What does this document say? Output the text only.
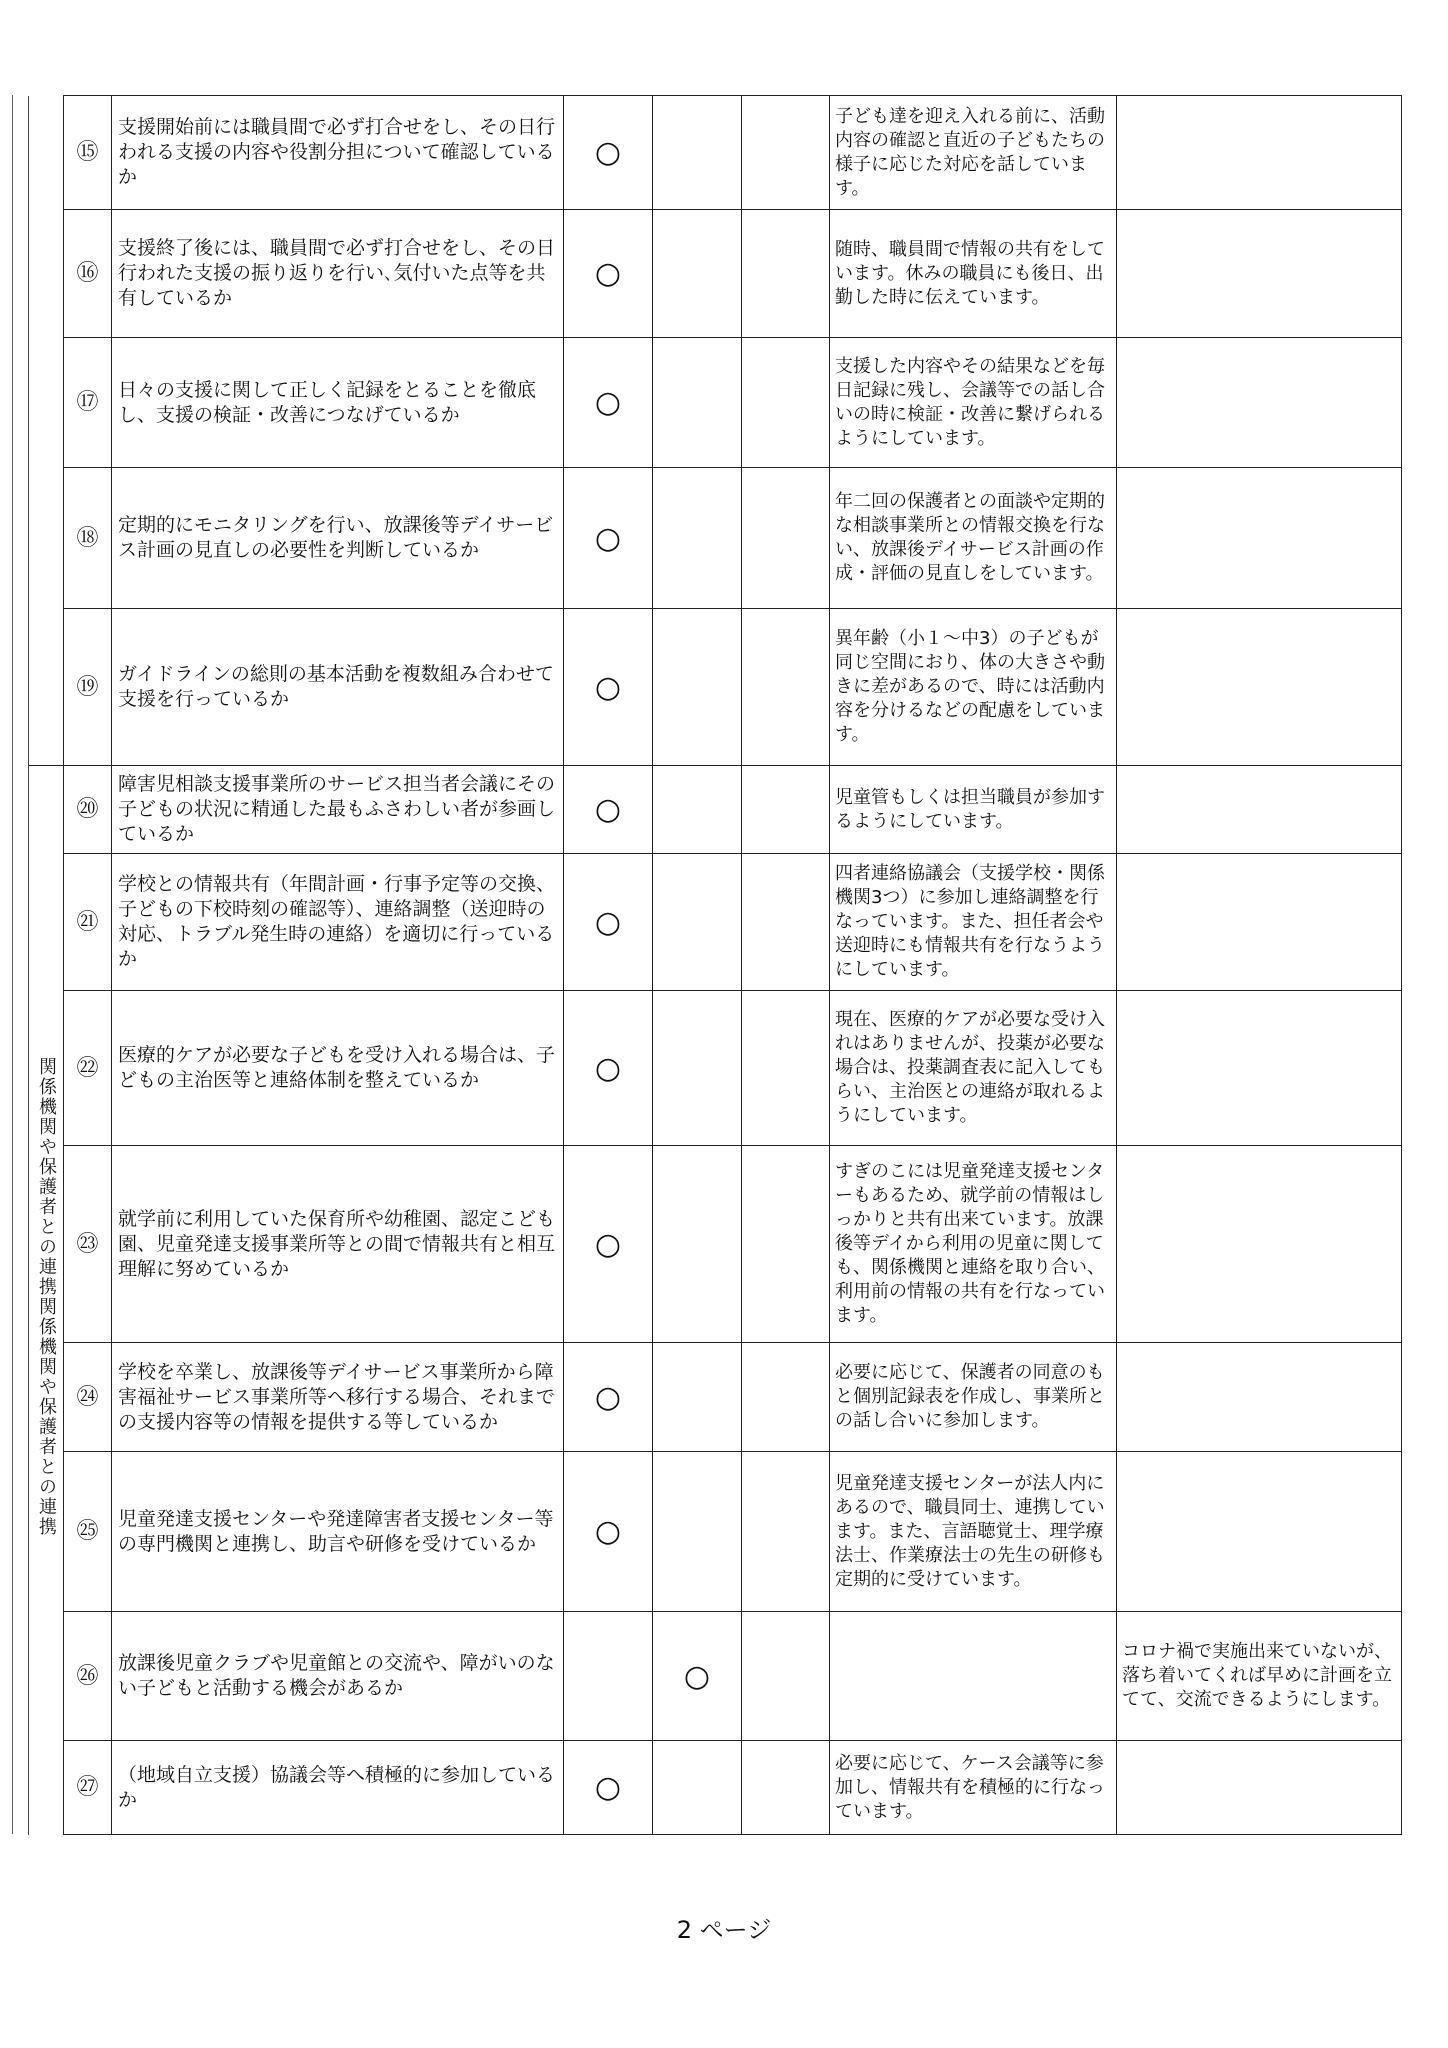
	⑮	支援開始前には職員間で必ず打合せをし、その日行われる支援の内容や役割分担について確認しているか	○			子ども達を迎え入れる前に、活動内容の確認と直近の子どもたちの様子に応じた対応を話しています。	
	⑯	支援終了後には、職員間で必ず打合せをし、その日行われた支援の振り返りを行い､気付いた点等を共有しているか	○			随時、職員間で情報の共有をしています。休みの職員にも後日、出勤した時に伝えています。	
	⑰	日々の支援に関して正しく記録をとることを徹底し、支援の検証・改善につなげているか	○			支援した内容やその結果などを毎日記録に残し、会議等での話し合いの時に検証・改善に繋げられるようにしています。	
	⑱	定期的にモニタリングを行い、放課後等デイサービス計画の見直しの必要性を判断しているか	○			年二回の保護者との面談や定期的な相談事業所との情報交換を行ない、放課後デイサービス計画の作成・評価の見直しをしています。	
	⑲	ガイドラインの総則の基本活動を複数組み合わせて支援を行っているか	○			異年齢（小１～中3）の子どもが同じ空間におり、体の大きさや動きに差があるので、時には活動内容を分けるなどの配慮をしています。	
関係機関や保護者との連携関係機関や保護者との連携	⑳	障害児相談支援事業所のサービス担当者会議にその子どもの状況に精通した最もふさわしい者が参画しているか	○			児童管もしくは担当職員が参加するようにしています。	
	㉑	学校との情報共有（年間計画・行事予定等の交換、子どもの下校時刻の確認等）、連絡調整（送迎時の対応、トラブル発生時の連絡）を適切に行っているか	○			四者連絡協議会（支援学校・関係機関3つ）に参加し連絡調整を行なっています。また、担任者会や送迎時にも情報共有を行なうようにしています。	
	㉒	医療的ケアが必要な子どもを受け入れる場合は、子どもの主治医等と連絡体制を整えているか	○			現在、医療的ケアが必要な受け入れはありませんが、投薬が必要な場合は、投薬調査表に記入してもらい、主治医との連絡が取れるようにしています。	
	㉓	就学前に利用していた保育所や幼稚園、認定こども園、児童発達支援事業所等との間で情報共有と相互理解に努めているか	○			すぎのこには児童発達支援センターもあるため、就学前の情報はしっかりと共有出来ています。放課後等デイから利用の児童に関しても、関係機関と連絡を取り合い、利用前の情報の共有を行なっています。	
	㉔	学校を卒業し、放課後等デイサービス事業所から障害福祉サービス事業所等へ移行する場合、それまでの支援内容等の情報を提供する等しているか	○			必要に応じて、保護者の同意のもと個別記録表を作成し、事業所との話し合いに参加します。	
	㉕	児童発達支援センターや発達障害者支援センター等の専門機関と連携し、助言や研修を受けているか	○			児童発達支援センターが法人内にあるので、職員同士、連携しています。また、言語聴覚士、理学療法士、作業療法士の先生の研修も定期的に受けています。	
	㉖	放課後児童クラブや児童館との交流や、障がいのない子どもと活動する機会があるか		○			コロナ禍で実施出来ていないが、落ち着いてくれば早めに計画を立てて、交流できるようにします。
	㉗	（地域自立支援）協議会等へ積極的に参加しているか	○			必要に応じて、ケース会議等に参加し、情報共有を積極的に行なっています。	
2 ページ
